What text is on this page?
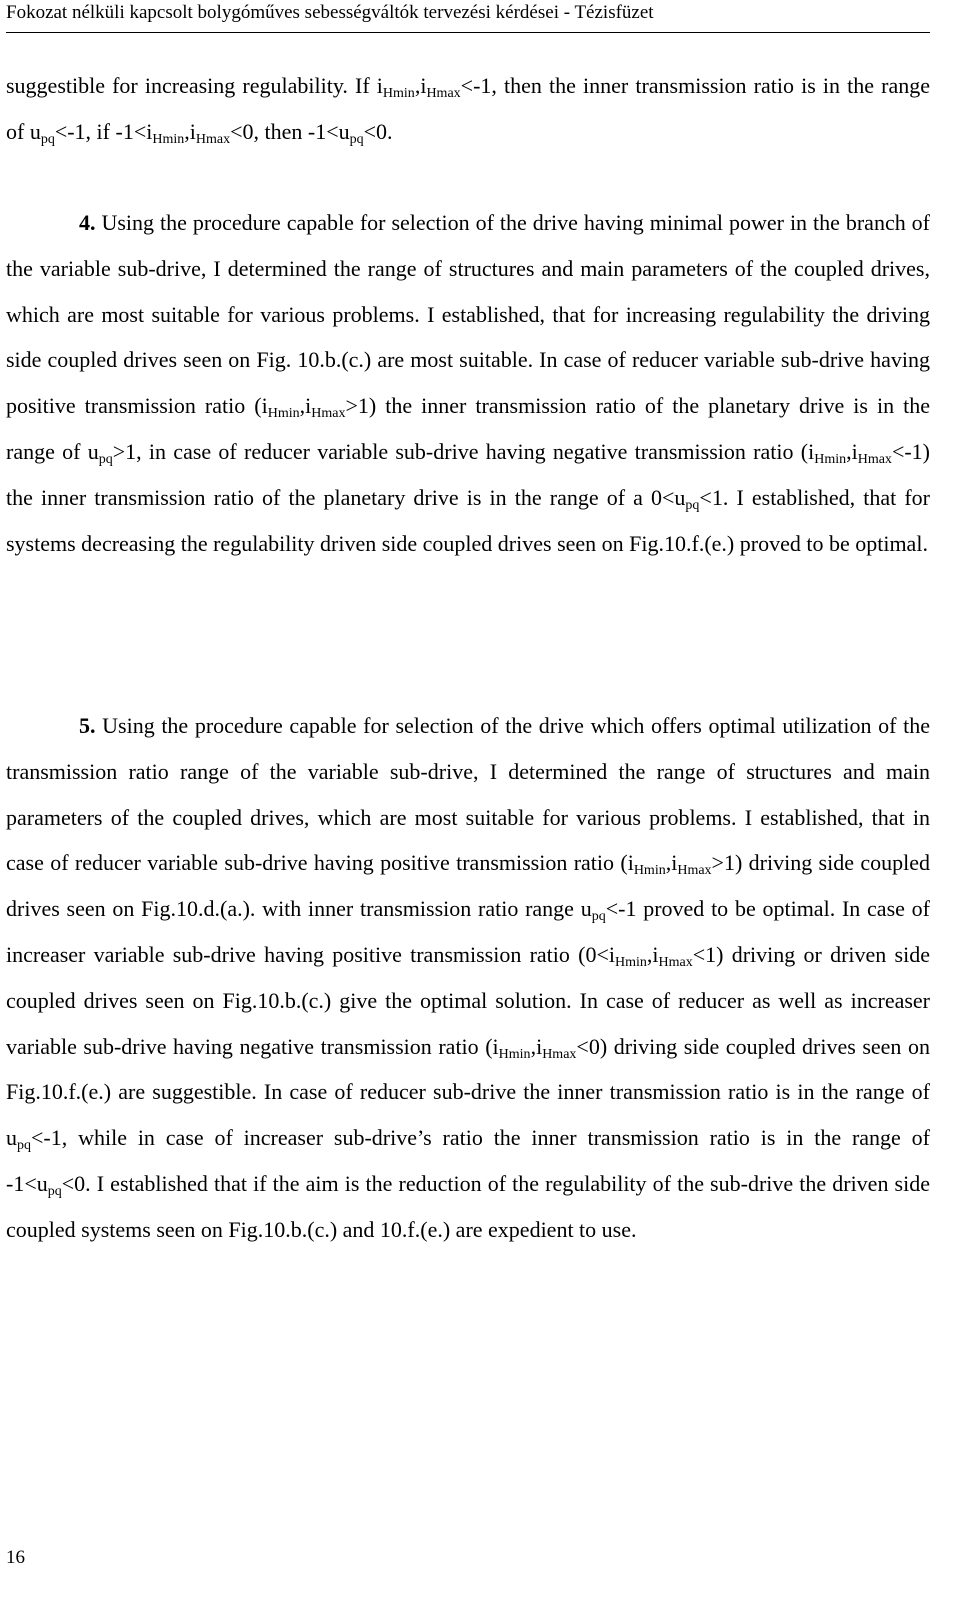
Fokozat nélküli kapcsolt bolygóműves sebességváltók tervezési kérdései - Tézisfüzet

suggestible for increasing regulability. If $i_{Hmin},i_{Hmax}<-1$, then the inner transmission ratio is in the range of $u_{pq}<-1$, if $-1<i_{Hmin},i_{Hmax}<0$, then $-1<u_{pq}<0$.

4. Using the procedure capable for selection of the drive having minimal power in the branch of the variable sub-drive, I determined the range of structures and main parameters of the coupled drives, which are most suitable for various problems. I established, that for increasing regulability the driving side coupled drives seen on Fig. 10.b.(c.) are most suitable. In case of reducer variable sub-drive having positive transmission ratio $(i_{Hmin},i_{Hmax}>1)$ the inner transmission ratio of the planetary drive is in the range of $u_{pq}>1$, in case of reducer variable sub-drive having negative transmission ratio $(i_{Hmin},i_{Hmax}<-1)$ the inner transmission ratio of the planetary drive is in the range of a $0<u_{pq}<1$. I established, that for systems decreasing the regulability driven side coupled drives seen on Fig.10.f.(e.) proved to be optimal.

5. Using the procedure capable for selection of the drive which offers optimal utilization of the transmission ratio range of the variable sub-drive, I determined the range of structures and main parameters of the coupled drives, which are most suitable for various problems. I established, that in case of reducer variable sub-drive having positive transmission ratio $(i_{Hmin},i_{Hmax}>1)$ driving side coupled drives seen on Fig.10.d.(a.). with inner transmission ratio range $u_{pq}<-1$ proved to be optimal. In case of increaser variable sub-drive having positive transmission ratio $(0<i_{Hmin},i_{Hmax}<1)$ driving or driven side coupled drives seen on Fig.10.b.(c.) give the optimal solution. In case of reducer as well as increaser variable sub-drive having negative transmission ratio $(i_{Hmin},i_{Hmax}<0)$ driving side coupled drives seen on Fig.10.f.(e.) are suggestible. In case of reducer sub-drive the inner transmission ratio is in the range of $u_{pq}<-1$, while in case of increaser sub-drive’s ratio the inner transmission ratio is in the range of $-1<u_{pq}<0$. I established that if the aim is the reduction of the regulability of the sub-drive the driven side coupled systems seen on Fig.10.b.(c.) and 10.f.(e.) are expedient to use.

16
